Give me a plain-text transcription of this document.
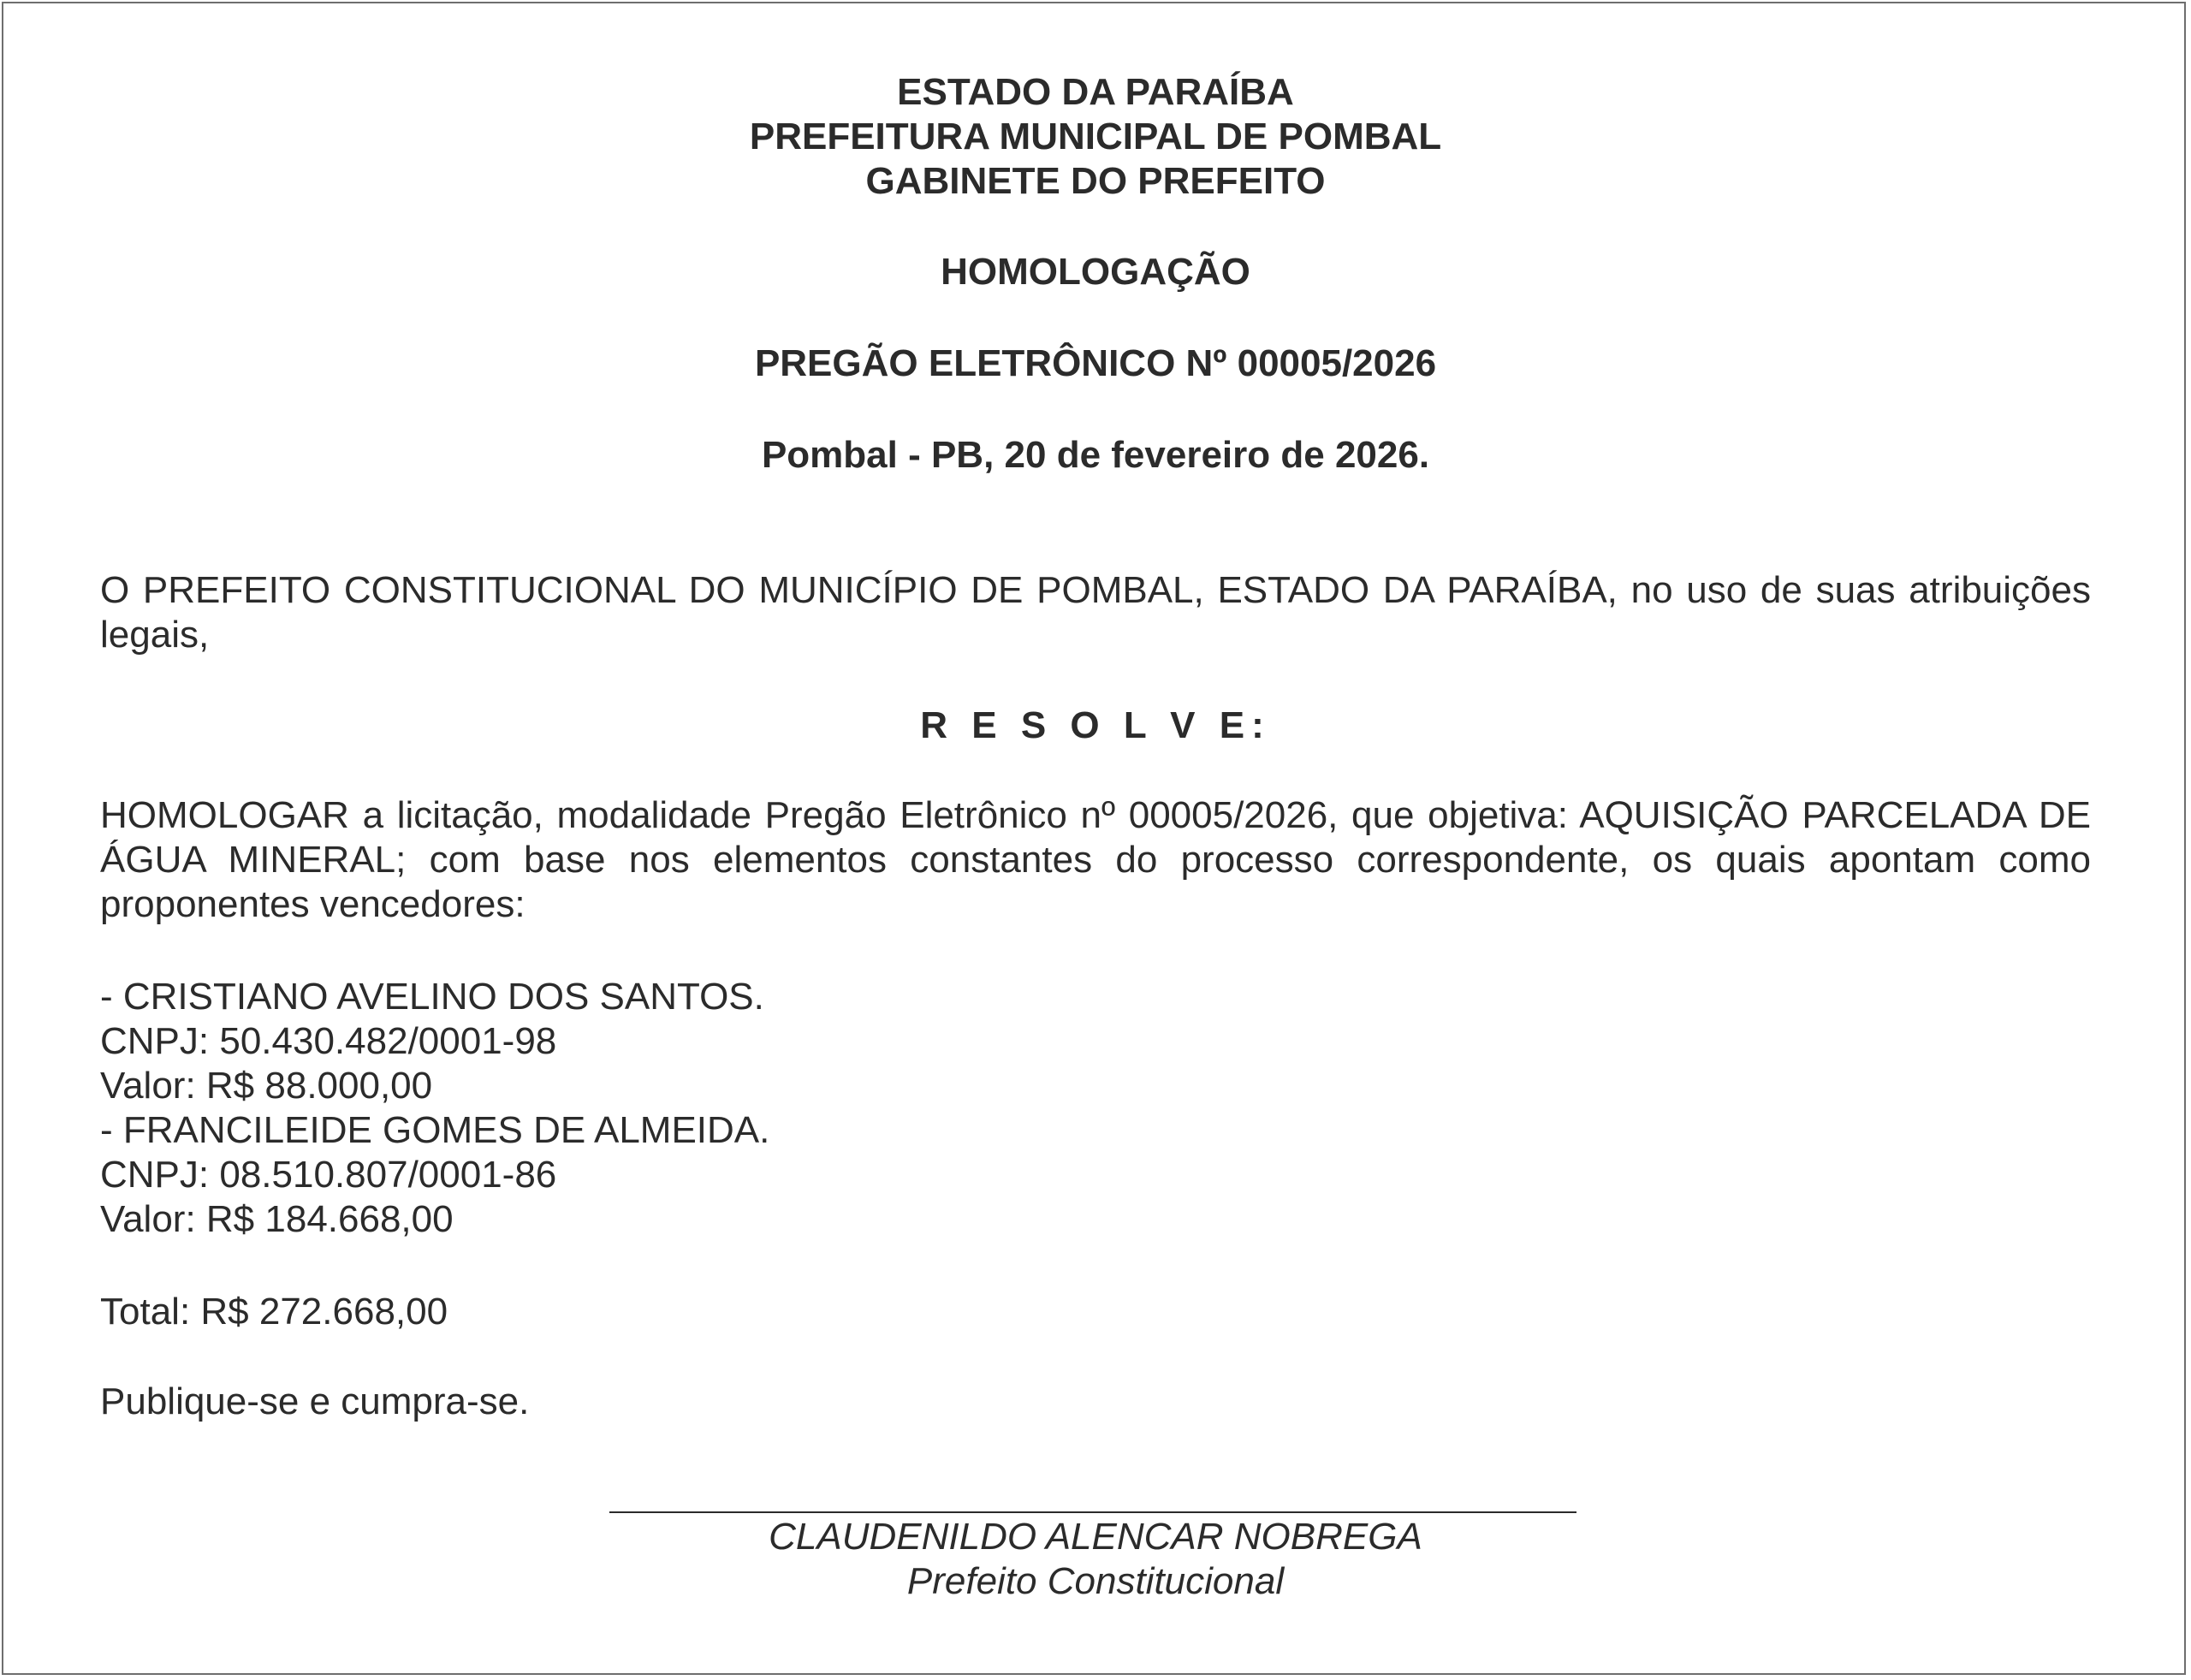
ESTADO DA PARAÍBA
PREFEITURA MUNICIPAL DE POMBAL
GABINETE DO PREFEITO
HOMOLOGAÇÃO
PREGÃO ELETRÔNICO Nº 00005/2026
Pombal - PB, 20 de fevereiro de 2026.
O PREFEITO CONSTITUCIONAL DO MUNICÍPIO DE POMBAL, ESTADO DA PARAÍBA, no uso de suas atribuições legais,
R E S O L V E:
HOMOLOGAR a licitação, modalidade Pregão Eletrônico nº 00005/2026, que objetiva: AQUISIÇÃO PARCELADA DE ÁGUA MINERAL; com base nos elementos constantes do processo correspondente, os quais apontam como proponentes vencedores:
- CRISTIANO AVELINO DOS SANTOS.
CNPJ: 50.430.482/0001-98
Valor: R$ 88.000,00
- FRANCILEIDE GOMES DE ALMEIDA.
CNPJ: 08.510.807/0001-86
Valor: R$ 184.668,00
Total: R$ 272.668,00
Publique-se e cumpra-se.
CLAUDENILDO ALENCAR NOBREGA
Prefeito Constitucional
